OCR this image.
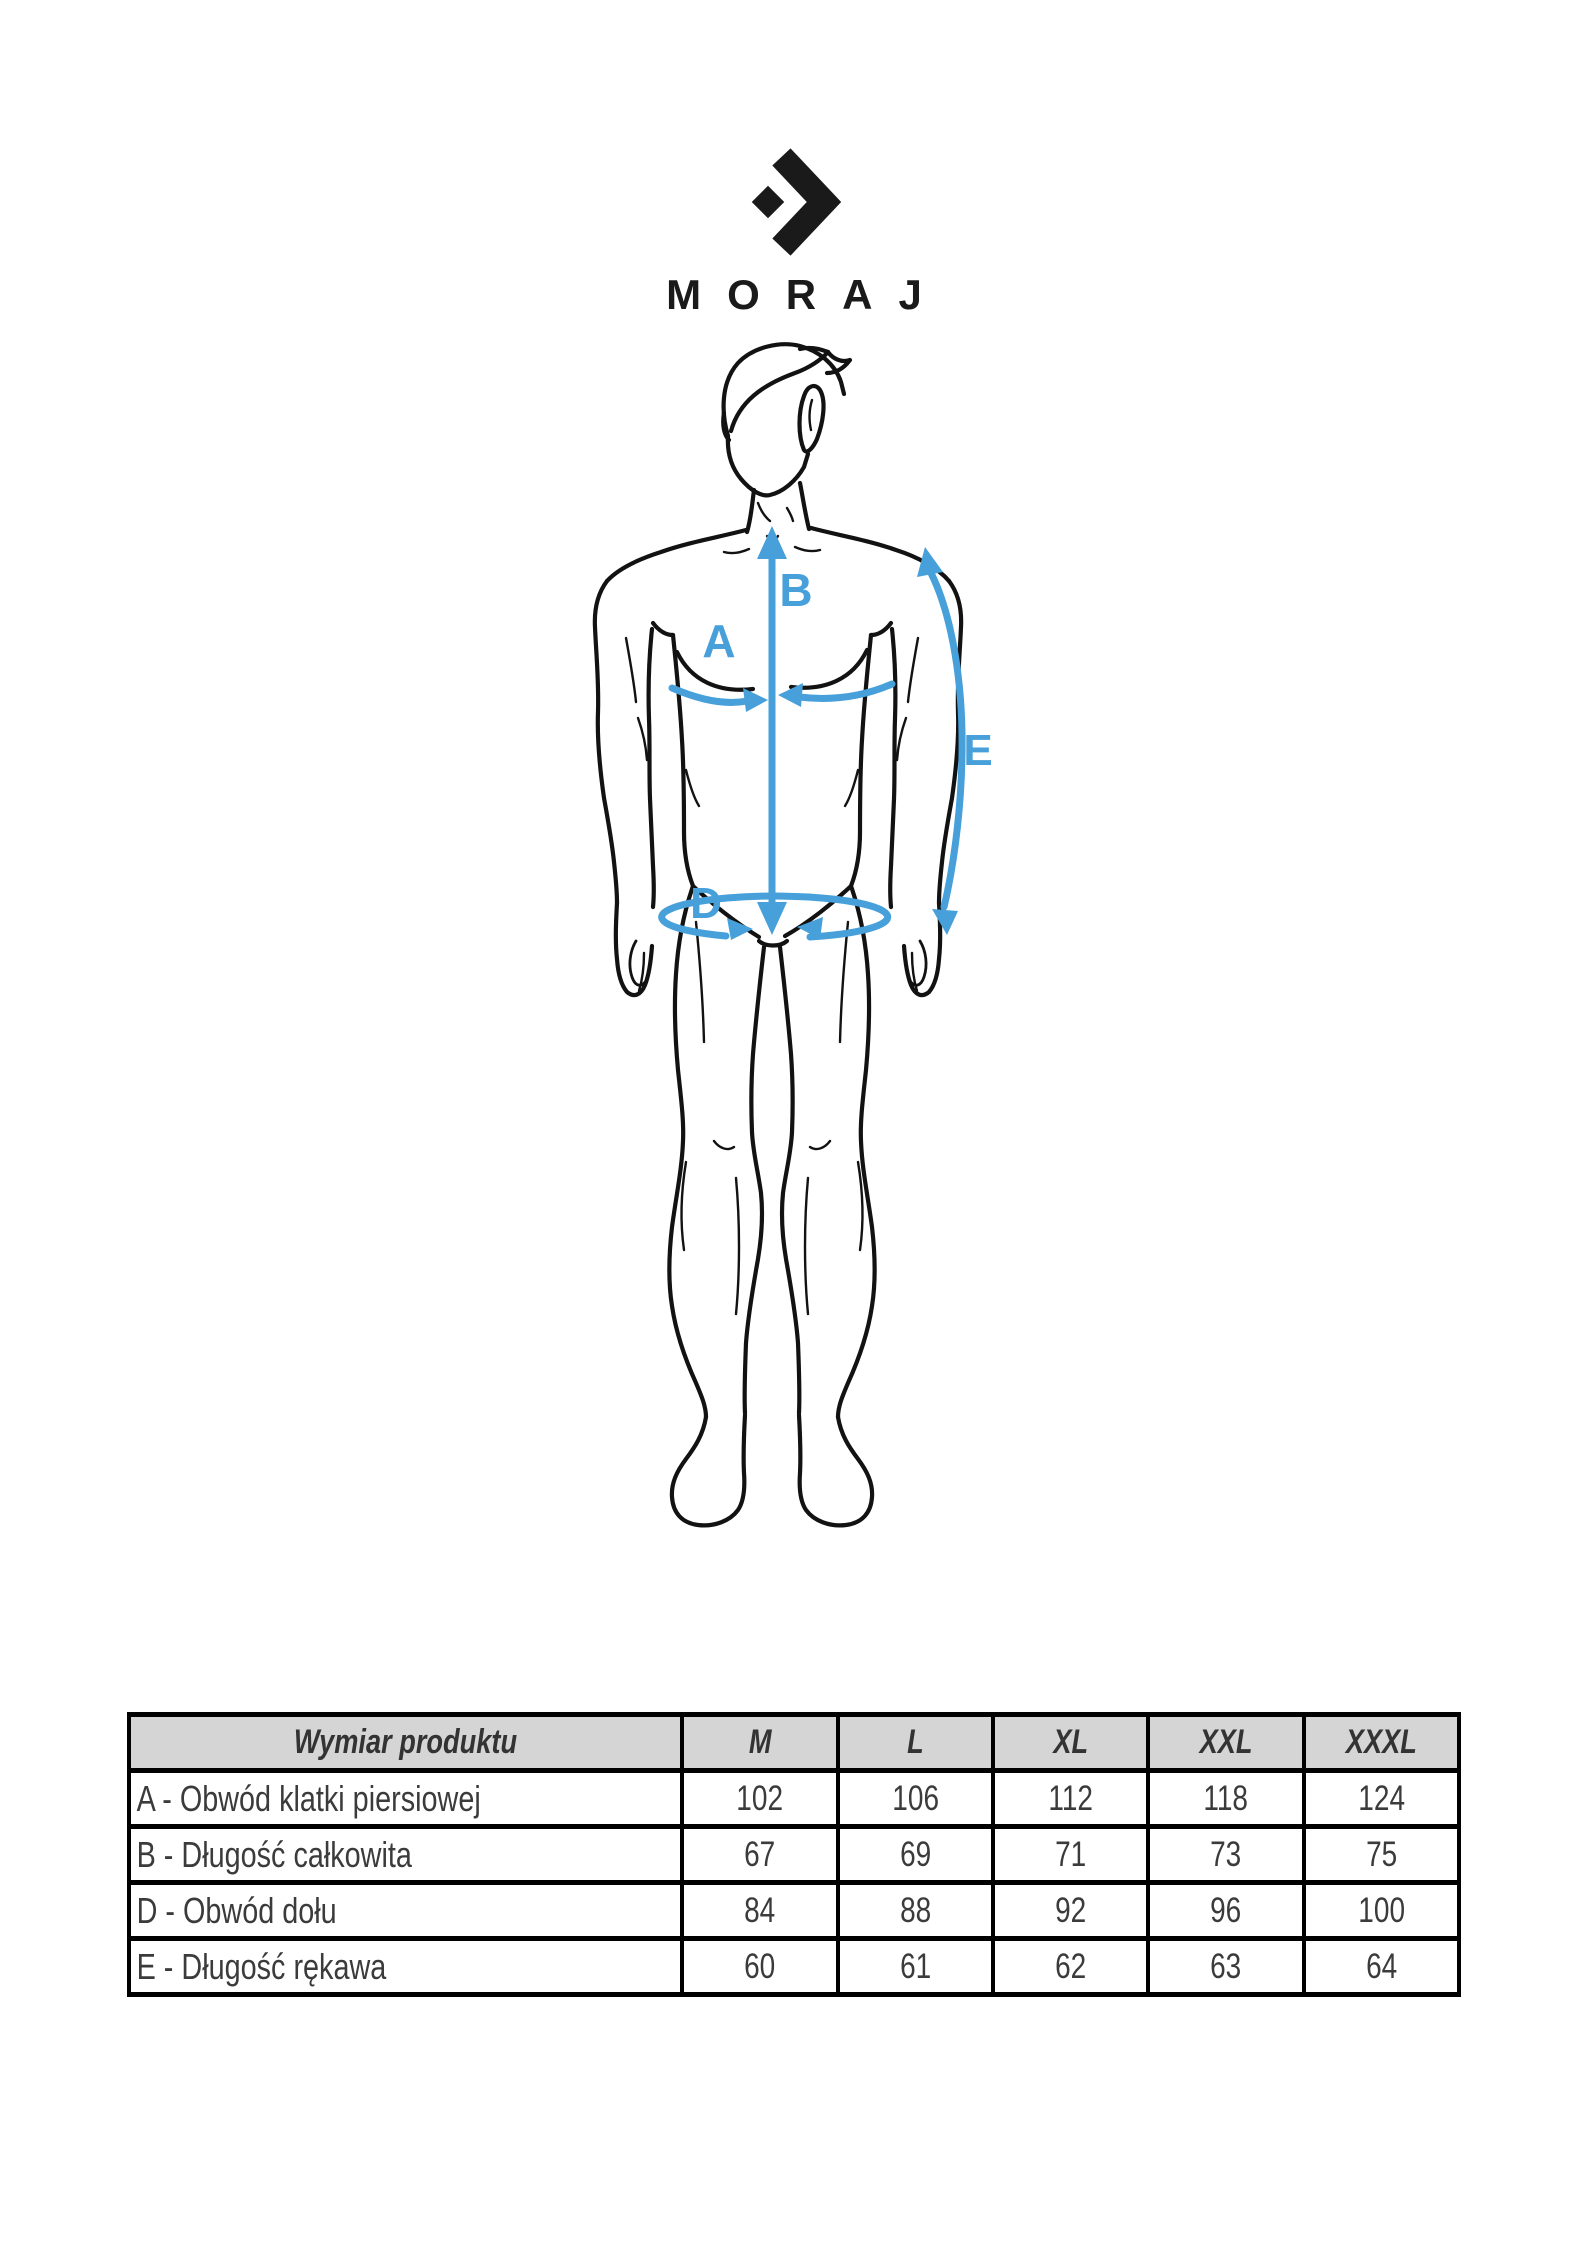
MORAJ
D
B
A
E
Wymiar produktu	M	L	XL	XXL	XXXL
A - Obwód klatki piersiowej	102	106	112	118	124

B - Długość całkowita	67	69	71	73	75

D - Obwód dołu	84	88	92	96	100

E - Długość rękawa	60	61	62	63	64
